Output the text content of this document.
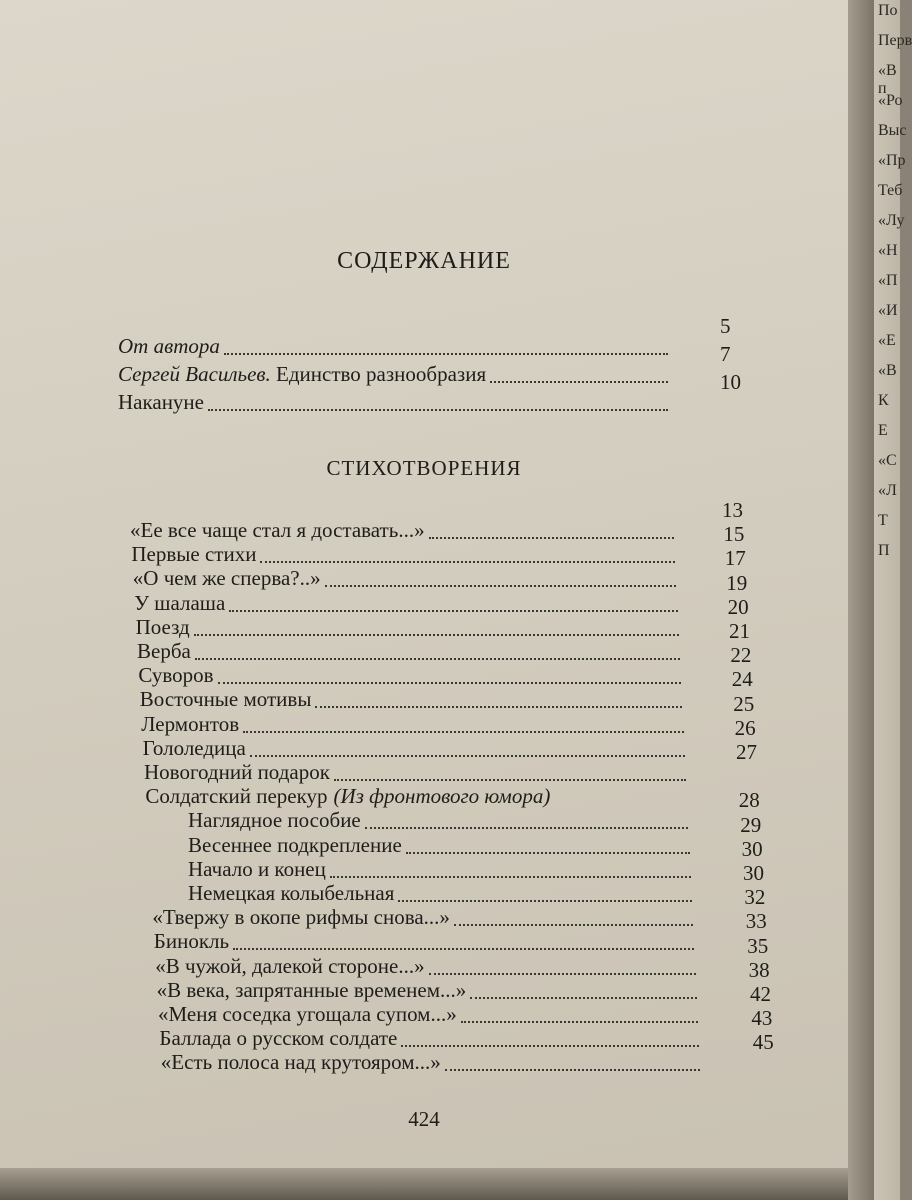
СОДЕРЖАНИЕ
СТИХОТВОРЕНИЯ
От автора
5
Сергей Васильев. Единство разнообразия
7
Накануне
10
«Ее все чаще стал я доставать...»
13
Первые стихи
15
«О чем же сперва?..»
17
У шалаша
19
Поезд
20
Верба
21
Суворов
22
Восточные мотивы
24
Лермонтов
25
Гололедица
26
Новогодний подарок
27
Солдатский перекур (Из фронтового юмора)
Наглядное пособие
28
Весеннее подкрепление
29
Начало и конец
30
Немецкая колыбельная
30
«Твержу в окопе рифмы снова...»
32
Бинокль
33
«В чужой, далекой стороне...»
35
«В века, запрятанные временем...»
38
«Меня соседка угощала супом...»
42
Баллада о русском солдате
43
«Есть полоса над крутояром...»
45
424
По
Перв
«В п
«Ро
Выс
«Пр
Теб
«Лу
«Н
«П
«И
«Е
«В
К
Е
«С
«Л
Т
П
